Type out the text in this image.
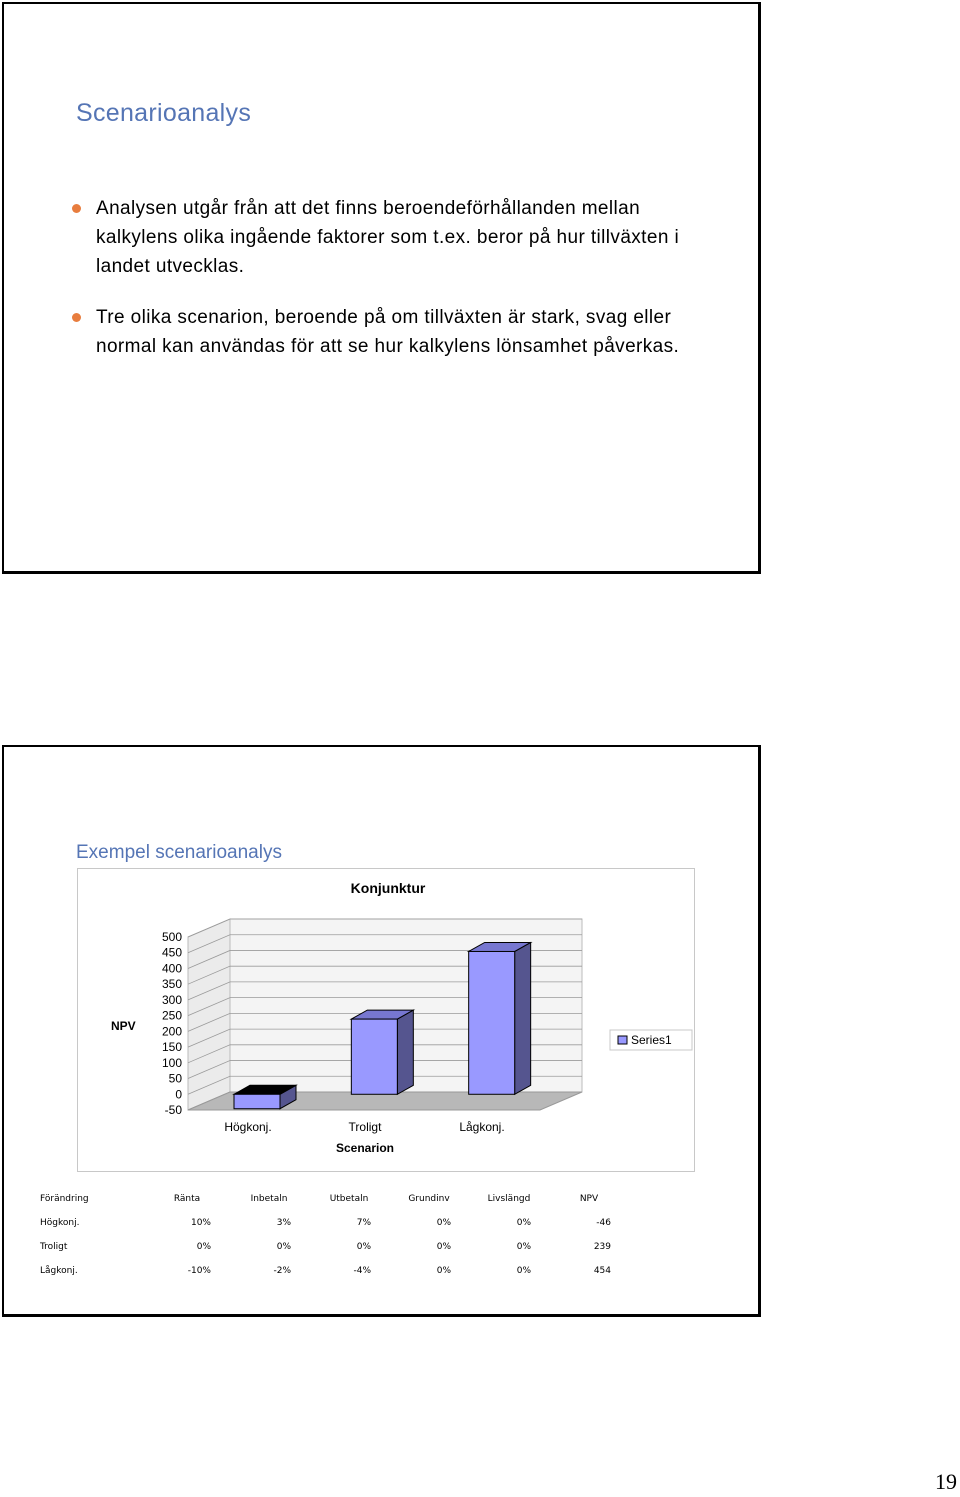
Scenarioanalys
Analysen utgår från att det finns beroendeförhållanden mellan kalkylens olika ingående faktorer som t.ex. beror på hur tillväxten i landet utvecklas.
Tre olika scenarion, beroende på om tillväxten är stark, svag eller normal kan användas för att se hur kalkylens lönsamhet påverkas.
Exempel scenarioanalys
500
450
400
350
300
250
200
150
100
50
0
-50
NPV
Högkonj.	Troligt	Lågkonj.
Scenarion
Konjunktur
Series1
Förändring	Ränta	Inbetaln	Utbetaln	Grundinv	Livslängd	NPV
Högkonj.	10%	3%	7%	0%	0%	-46
Troligt	0%	0%	0%	0%	0%	239
Lågkonj.	-10%	-2%	-4%	0%	0%	454
19
